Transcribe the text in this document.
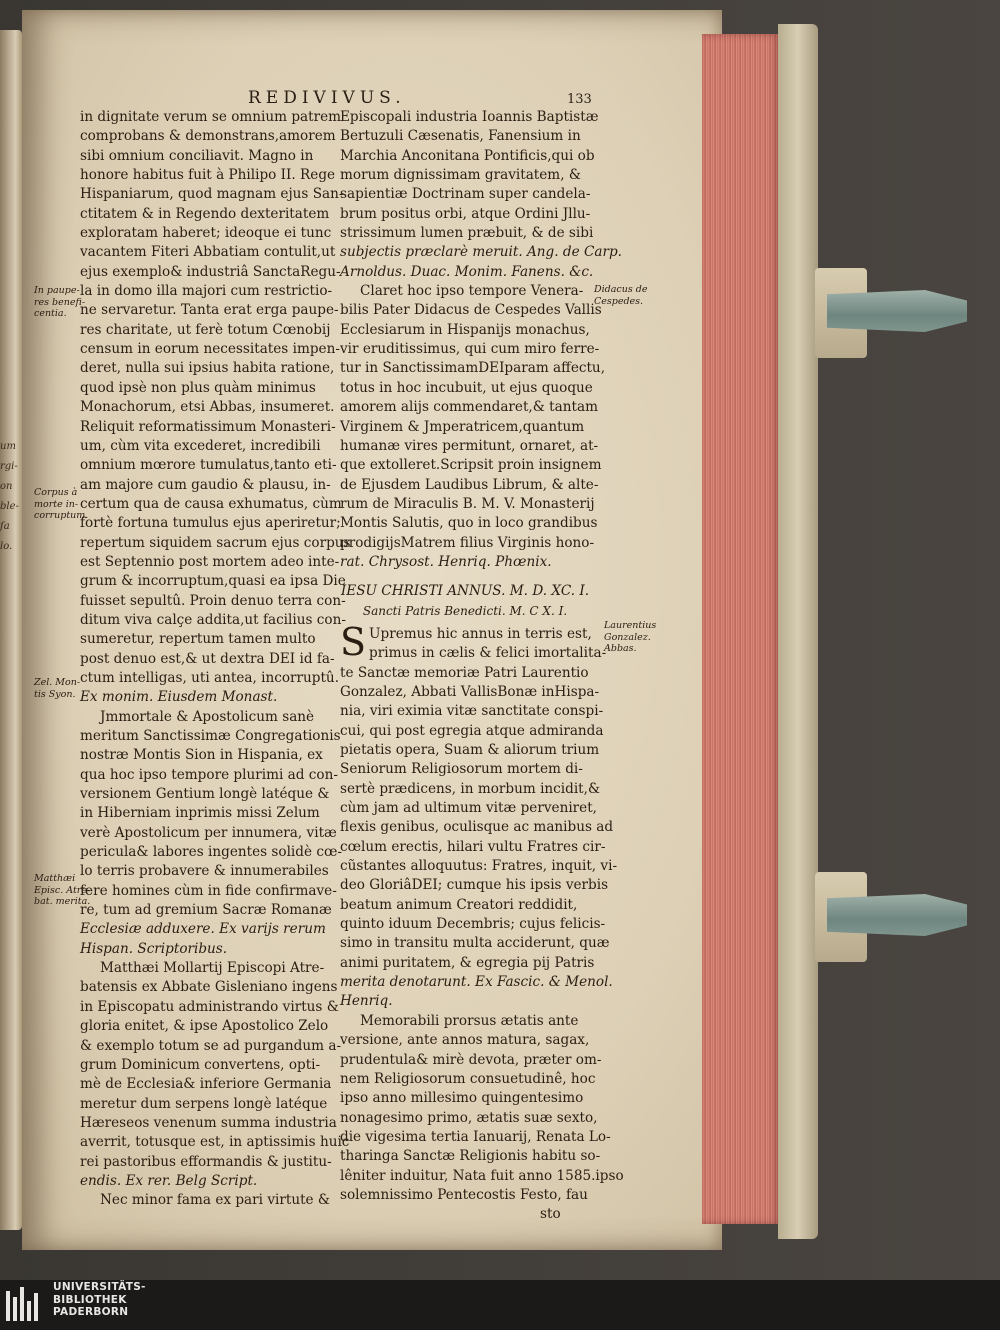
um
rgi-
on
ble-
ſa
lo.
REDIVIVUS.	133
in dignitate verum se omnium patrem
comprobans & demonstrans,amorem
sibi omnium conciliavit. Magno in
honore habitus fuit à Philipo II. Rege
Hispaniarum, quod magnam ejus San-
ctitatem & in Regendo dexteritatem
exploratam haberet; ideoque ei tunc
vacantem Fiteri Abbatiam contulit,ut
ejus exemplo& industriâ SanctaRegu-
la in domo illa majori cum restrictio-
ne servaretur. Tanta erat erga paupe-
res charitate, ut ferè totum Cœnobij
censum in eorum necessitates impen-
deret, nulla sui ipsius habita ratione,
quod ipsè non plus quàm minimus
Monachorum, etsi Abbas, insumeret.
Reliquit reformatissimum Monasteri-
um, cùm vita excederet, incredibili
omnium mœrore tumulatus,tanto eti-
am majore cum gaudio & plausu, in-
certum qua de causa exhumatus, cùm
fortè fortuna tumulus ejus aperiretur;
repertum siquidem sacrum ejus corpus
est Septennio post mortem adeo inte-
grum & incorruptum,quasi ea ipsa Die
fuisset sepultû. Proin denuo terra con-
ditum viva calçe addita,ut facilius con-
sumeretur, repertum tamen multo
post denuo est,& ut dextra DEI id fa-
ctum intelligas, uti antea, incorruptû.
Ex monim. Eiusdem Monast.
Jmmortale & Apostolicum sanè
meritum Sanctissimæ Congregationis
nostræ Montis Sion in Hispania, ex
qua hoc ipso tempore plurimi ad con-
versionem Gentium longè latéque &
in Hiberniam inprimis missi Zelum
verè Apostolicum per innumera, vitæ
pericula& labores ingentes solidè cœ-
lo terris probavere & innumerabiles
fere homines cùm in fide confirmave-
re, tum ad gremium Sacræ Romanæ
Ecclesiæ adduxere. Ex varijs rerum
Hispan. Scriptoribus.
Matthæi Mollartij Episcopi Atre-
batensis ex Abbate Gisleniano ingens
in Episcopatu administrando virtus &
gloria enitet, & ipse Apostolico Zelo
& exemplo totum se ad purgandum a-
grum Dominicum convertens, opti-
mè de Ecclesia& inferiore Germania
meretur dum serpens longè latéque
Hæreseos venenum summa industria
averrit, totusque est, in aptissimis huic
rei pastoribus efformandis & justitu-
endis. Ex rer. Belg Script.
Nec minor fama ex pari virtute &
Episcopali industria Ioannis Baptistæ
Bertuzuli Cæsenatis, Fanensium in
Marchia Anconitana Pontificis,qui ob
morum dignissimam gravitatem, &
sapientiæ Doctrinam super candela-
brum positus orbi, atque Ordini Jllu-
strissimum lumen præbuit, & de sibi
subjectis præclarè meruit. Ang. de Carp.
Arnoldus. Duac. Monim. Fanens. &c.
Claret hoc ipso tempore Venera-
bilis Pater Didacus de Cespedes Vallis
Ecclesiarum in Hispanijs monachus,
vir eruditissimus, qui cum miro ferre-
tur in SanctissimamDEIparam affectu,
totus in hoc incubuit, ut ejus quoque
amorem alijs commendaret,& tantam
Virginem & Jmperatricem,quantum
humanæ vires permitunt, ornaret, at-
que extolleret.Scripsit proin insignem
de Ejusdem Laudibus Librum, & alte-
rum de Miraculis B. M. V. Monasterij
Montis Salutis, quo in loco grandibus
prodigijsMatrem filius Virginis hono-
rat. Chrysost. Henriq. Phœnix.
IESU CHRISTI ANNUS. M. D. XC. I.
Sancti Patris Benedicti. M. C X. I.
S Upremus hic annus in terris est,
primus in cælis & felici imortalita-
te Sanctæ memoriæ Patri Laurentio
Gonzalez, Abbati VallisBonæ inHispa-
nia, viri eximia vitæ sanctitate conspi-
cui, qui post egregia atque admiranda
pietatis opera, Suam & aliorum trium
Seniorum Religiosorum mortem di-
sertè prædicens, in morbum incidit,&
cùm jam ad ultimum vitæ perveniret,
flexis genibus, oculisque ac manibus ad
cœlum erectis, hilari vultu Fratres cir-
cũstantes alloquutus: Fratres, inquit, vi-
deo GloriâDEI; cumque his ipsis verbis
beatum animum Creatori reddidit,
quinto iduum Decembris; cujus felicis-
simo in transitu multa acciderunt, quæ
animi puritatem, & egregia pij Patris
merita denotarunt. Ex Fascic. & Menol.
Henriq.
Memorabili prorsus ætatis ante
versione, ante annos matura, sagax,
prudentula& mirè devota, præter om-
nem Religiosorum consuetudinê, hoc
ipso anno millesimo quingentesimo
nonagesimo primo, ætatis suæ sexto,
die vigesima tertia Ianuarij, Renata Lo-
tharinga Sanctæ Religionis habitu so-
lêniter induitur, Nata fuit anno 1585.ipso
solemnissimo Pentecostis Festo, fau
sto
In paupe-
res benefi-
centia.
Corpus à
morte in-
corruptum.
Zel. Mon-
tis Syon.
Matthæi
Episc. Atre-
bat. merita.
Didacus de
Cespedes.
Laurentius
Gonzalez.
Abbas.
UNIVERSITÄTS-
BIBLIOTHEK
PADERBORN
